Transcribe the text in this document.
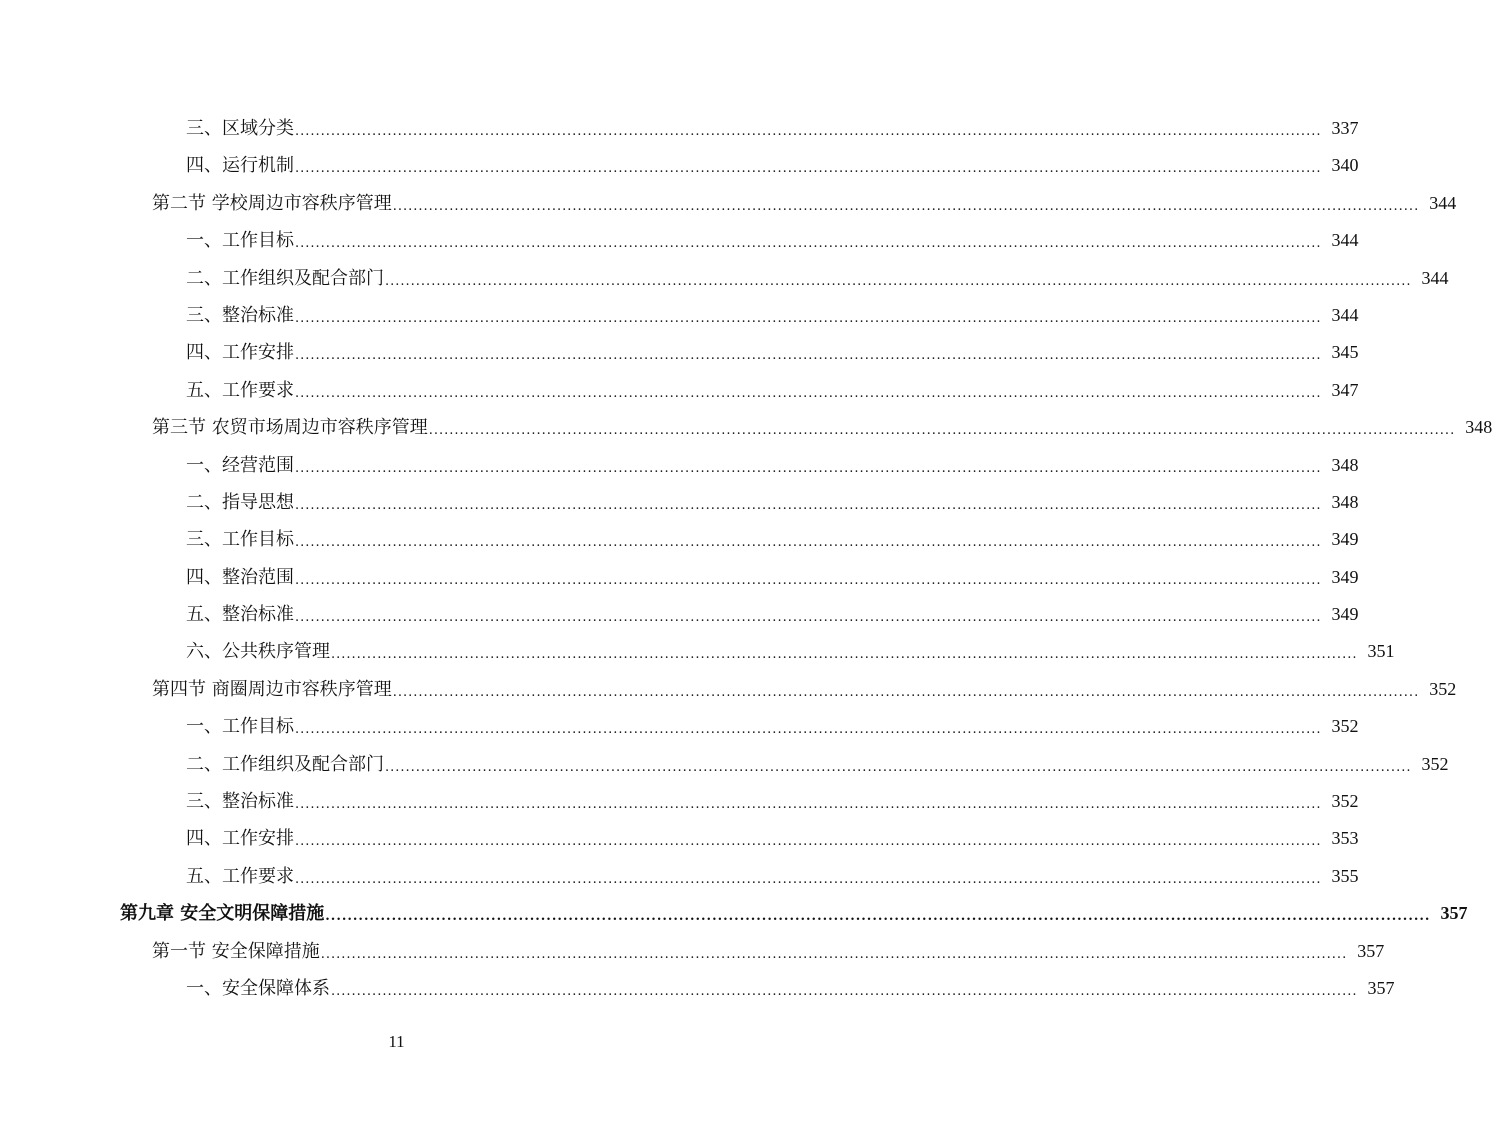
三、区域分类 ........................................................................................................................................................................................................ 337
四、运行机制 ........................................................................................................................................................................................................ 340
第二节 学校周边市容秩序管理 ........................................................................................................................................................................................................ 344
一、工作目标 ........................................................................................................................................................................................................ 344
二、工作组织及配合部门 ........................................................................................................................................................................................................ 344
三、整治标准 ........................................................................................................................................................................................................ 344
四、工作安排 ........................................................................................................................................................................................................ 345
五、工作要求 ........................................................................................................................................................................................................ 347
第三节 农贸市场周边市容秩序管理 ........................................................................................................................................................................................................ 348
一、经营范围 ........................................................................................................................................................................................................ 348
二、指导思想 ........................................................................................................................................................................................................ 348
三、工作目标 ........................................................................................................................................................................................................ 349
四、整治范围 ........................................................................................................................................................................................................ 349
五、整治标准 ........................................................................................................................................................................................................ 349
六、公共秩序管理 ........................................................................................................................................................................................................ 351
第四节 商圈周边市容秩序管理 ........................................................................................................................................................................................................ 352
一、工作目标 ........................................................................................................................................................................................................ 352
二、工作组织及配合部门 ........................................................................................................................................................................................................ 352
三、整治标准 ........................................................................................................................................................................................................ 352
四、工作安排 ........................................................................................................................................................................................................ 353
五、工作要求 ........................................................................................................................................................................................................ 355
第九章 安全文明保障措施 ........................................................................................................................................................................................................ 357
第一节 安全保障措施 ........................................................................................................................................................................................................ 357
一、安全保障体系 ........................................................................................................................................................................................................ 357
11
